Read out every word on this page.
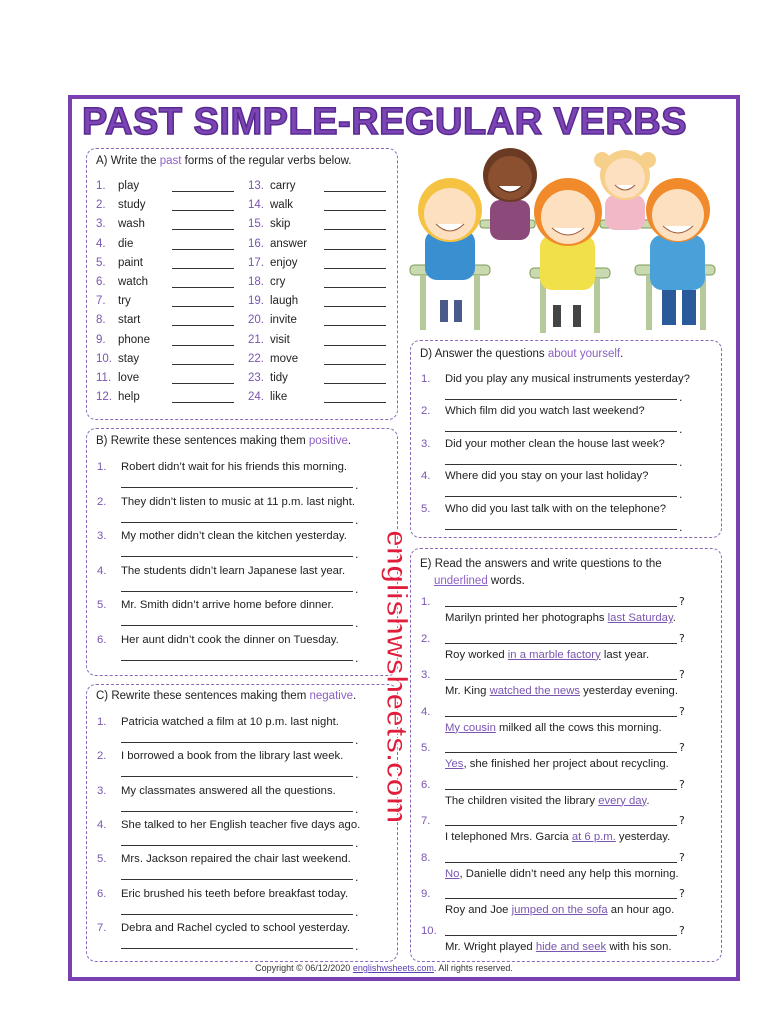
PAST SIMPLE-REGULAR VERBS
A) Write the past forms of the regular verbs below.
1. play
2. study
3. wash
4. die
5. paint
6. watch
7. try
8. start
9. phone
10. stay
11. love
12. help
13. carry
14. walk
15. skip
16. answer
17. enjoy
18. cry
19. laugh
20. invite
21. visit
22. move
23. tidy
24. like
B) Rewrite these sentences making them positive.
1. Robert didn’t wait for his friends this morning.
.
2. They didn’t listen to music at 11 p.m. last night.
.
3. My mother didn’t clean the kitchen yesterday.
.
4. The students didn’t learn Japanese last year.
.
5. Mr. Smith didn’t arrive home before dinner.
.
6. Her aunt didn’t cook the dinner on Tuesday.
.
C) Rewrite these sentences making them negative.
1. Patricia watched a film at 10 p.m. last night.
.
2. I borrowed a book from the library last week.
.
3. My classmates answered all the questions.
.
4. She talked to her English teacher five days ago.
.
5. Mrs. Jackson repaired the chair last weekend.
.
6. Eric brushed his teeth before breakfast today.
.
7. Debra and Rachel cycled to school yesterday.
.
D) Answer the questions about yourself.
1. Did you play any musical instruments yesterday?
.
2. Which film did you watch last weekend?
.
3. Did your mother clean the house last week?
.
4. Where did you stay on your last holiday?
.
5. Who did you last talk with on the telephone?
.
E) Read the answers and write questions to the
underlined words.
1.	?
Marilyn printed her photographs last Saturday.
2.	?
Roy worked in a marble factory last year.
3.	?
Mr. King watched the news yesterday evening.
4.	?
My cousin milked all the cows this morning.
5.	?
Yes, she finished her project about recycling.
6.	?
The children visited the library every day.
7.	?
I telephoned Mrs. Garcia at 6 p.m. yesterday.
8.	?
No, Danielle didn’t need any help this morning.
9.	?
Roy and Joe jumped on the sofa an hour ago.
10.	?
Mr. Wright played hide and seek with his son.
englishwsheets.com
Copyright © 06/12/2020 englishwsheets.com. All rights reserved.
